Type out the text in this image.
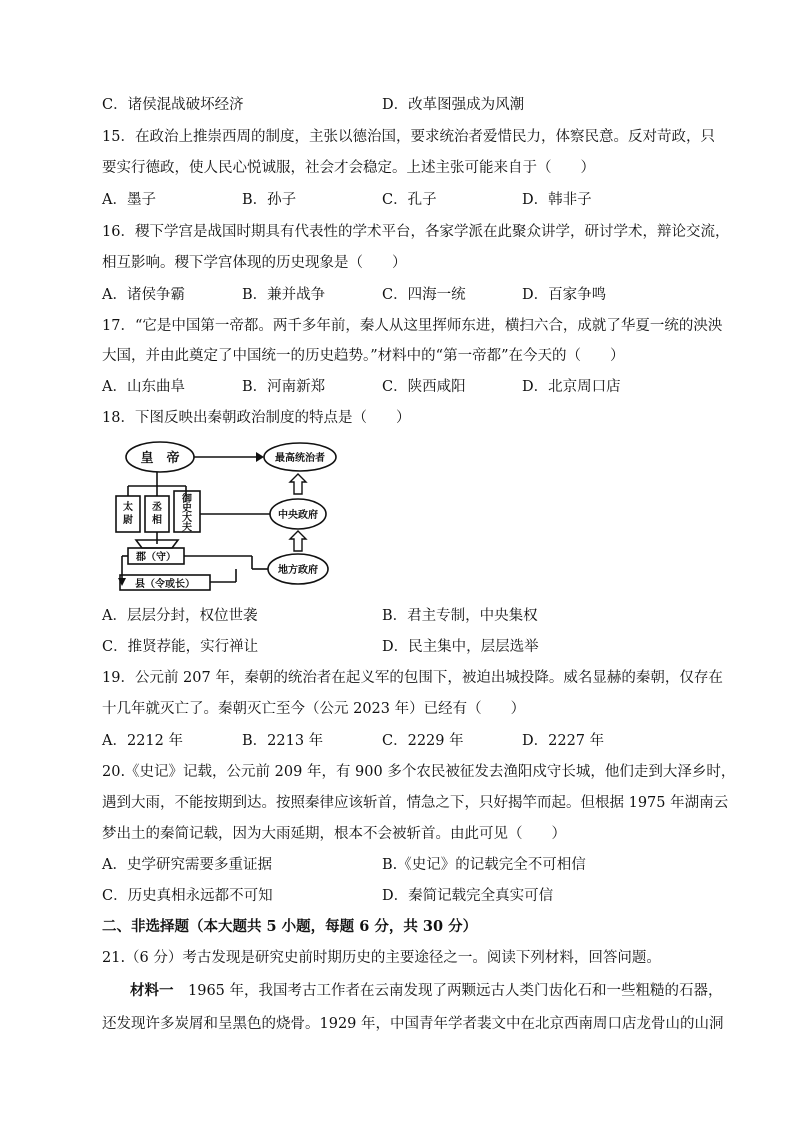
C．诸侯混战破坏经济	D．改革图强成为风潮
15．在政治上推崇西周的制度，主张以德治国，要求统治者爱惜民力，体察民意。反对苛政，只
要实行德政，使人民心悦诚服，社会才会稳定。上述主张可能来自于（　　）
A．墨子	B．孙子	C．孔子	D．韩非子
16．稷下学宫是战国时期具有代表性的学术平台，各家学派在此聚众讲学，研讨学术，辩论交流，
相互影响。稷下学宫体现的历史现象是（　　）
A．诸侯争霸	B．兼并战争	C．四海一统	D．百家争鸣
17．“它是中国第一帝都。两千多年前，秦人从这里挥师东进，横扫六合，成就了华夏一统的泱泱
大国，并由此奠定了中国统一的历史趋势。”材料中的“第一帝都”在今天的（　　）
A．山东曲阜	B．河南新郑	C．陕西咸阳	D．北京周口店
18．下图反映出秦朝政治制度的特点是（　　）
皇　帝	最高统治者
中央政府
地方政府
郡（守）
县（令或长）
太尉
丞相
御史大夫
A．层层分封，权位世袭	B．君主专制，中央集权
C．推贤荐能，实行禅让	D．民主集中，层层选举
19．公元前 207 年，秦朝的统治者在起义军的包围下，被迫出城投降。威名显赫的秦朝，仅存在
十几年就灭亡了。秦朝灭亡至今（公元 2023 年）已经有（　　）
A．2212 年	B．2213 年	C．2229 年	D．2227 年
20.《史记》记载，公元前 209 年，有 900 多个农民被征发去渔阳戍守长城，他们走到大泽乡时，
遇到大雨，不能按期到达。按照秦律应该斩首，情急之下，只好揭竿而起。但根据 1975 年湖南云
梦出土的秦简记载，因为大雨延期，根本不会被斩首。由此可见（　　）
A．史学研究需要多重证据	B.《史记》的记载完全不可相信
C．历史真相永远都不可知	D．秦简记载完全真实可信
二、非选择题（本大题共 5 小题，每题 6 分，共 30 分）
21.（6 分）考古发现是研究史前时期历史的主要途径之一。阅读下列材料，回答问题。
材料一　1965 年，我国考古工作者在云南发现了两颗远古人类门齿化石和一些粗糙的石器，
还发现许多炭屑和呈黑色的烧骨。1929 年，中国青年学者裴文中在北京西南周口店龙骨山的山洞
